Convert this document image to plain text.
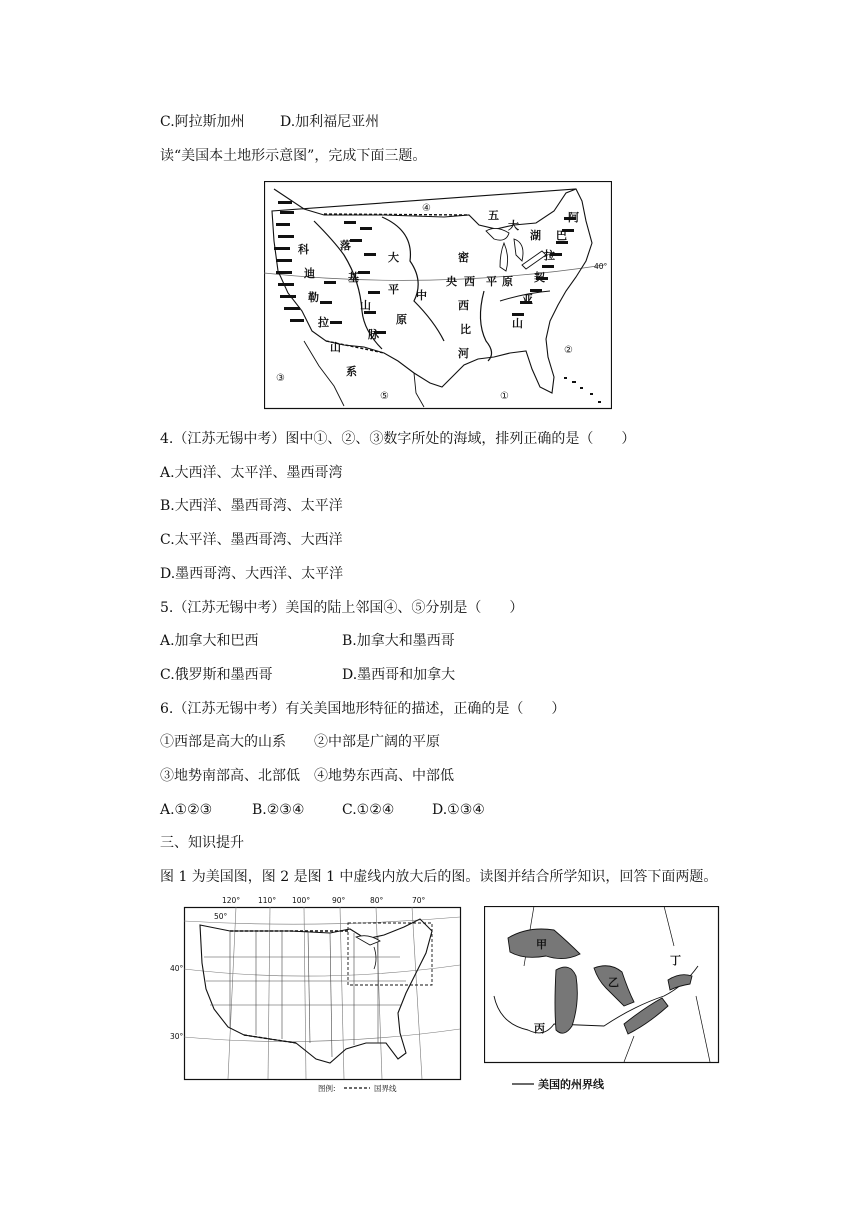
C.阿拉斯加州	D.加利福尼亚州
读“美国本土地形示意图”，完成下面三题。
④
②
③
⑤	①
40°
科
迪
勒
拉
山
系
落
基
山
脉
大
平
原
中
央	平 原
密
西
西
比
河
五
大
湖
阿
巴
拉
契
亚
山
4.（江苏无锡中考）图中①、②、③数字所处的海域，排列正确的是（　　）
A.大西洋、太平洋、墨西哥湾
B.大西洋、墨西哥湾、太平洋
C.太平洋、墨西哥湾、大西洋
D.墨西哥湾、大西洋、太平洋
5.（江苏无锡中考）美国的陆上邻国④、⑤分别是（　　）
A.加拿大和巴西	B.加拿大和墨西哥
C.俄罗斯和墨西哥	D.墨西哥和加拿大
6.（江苏无锡中考）有关美国地形特征的描述，正确的是（　　）
①西部是高大的山系 ②中部是广阔的平原
③地势南部高、北部低 ④地势东西高、中部低
A.①②③	B.②③④	C.①②④	D.①③④
三、知识提升
图 1 为美国图，图 2 是图 1 中虚线内放大后的图。读图并结合所学知识，回答下面两题。
50°
40°
30°
120° 110° 100°	90°	80°	70°
图例:	国界线
甲
乙
丙
丁
美国的州界线
